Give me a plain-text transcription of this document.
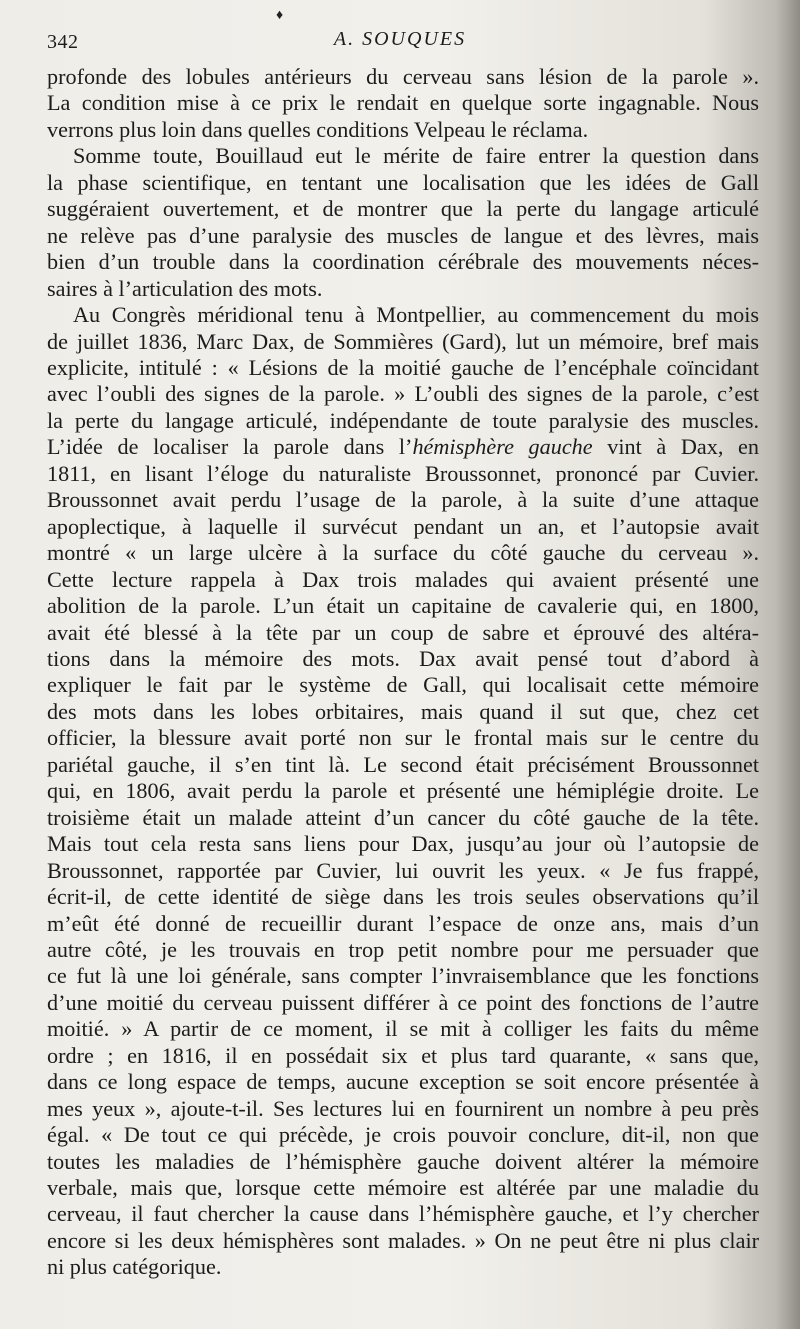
♦
342	A. SOUQUES
profonde des lobules antérieurs du cerveau sans lésion de la parole ».
La condition mise à ce prix le rendait en quelque sorte ingagnable. Nous
verrons plus loin dans quelles conditions Velpeau le réclama.
Somme toute, Bouillaud eut le mérite de faire entrer la question dans
la phase scientifique, en tentant une localisation que les idées de Gall
suggéraient ouvertement, et de montrer que la perte du langage articulé
ne relève pas d’une paralysie des muscles de langue et des lèvres, mais
bien d’un trouble dans la coordination cérébrale des mouvements néces-
saires à l’articulation des mots.
Au Congrès méridional tenu à Montpellier, au commencement du mois
de juillet 1836, Marc Dax, de Sommières (Gard), lut un mémoire, bref mais
explicite, intitulé : « Lésions de la moitié gauche de l’encéphale coïncidant
avec l’oubli des signes de la parole. » L’oubli des signes de la parole, c’est
la perte du langage articulé, indépendante de toute paralysie des muscles.
L’idée de localiser la parole dans l’hémisphère gauche vint à Dax, en
1811, en lisant l’éloge du naturaliste Broussonnet, prononcé par Cuvier.
Broussonnet avait perdu l’usage de la parole, à la suite d’une attaque
apoplectique, à laquelle il survécut pendant un an, et l’autopsie avait
montré « un large ulcère à la surface du côté gauche du cerveau ».
Cette lecture rappela à Dax trois malades qui avaient présenté une
abolition de la parole. L’un était un capitaine de cavalerie qui, en 1800,
avait été blessé à la tête par un coup de sabre et éprouvé des altéra-
tions dans la mémoire des mots. Dax avait pensé tout d’abord à
expliquer le fait par le système de Gall, qui localisait cette mémoire
des mots dans les lobes orbitaires, mais quand il sut que, chez cet
officier, la blessure avait porté non sur le frontal mais sur le centre du
pariétal gauche, il s’en tint là. Le second était précisément Broussonnet
qui, en 1806, avait perdu la parole et présenté une hémiplégie droite. Le
troisième était un malade atteint d’un cancer du côté gauche de la tête.
Mais tout cela resta sans liens pour Dax, jusqu’au jour où l’autopsie de
Broussonnet, rapportée par Cuvier, lui ouvrit les yeux. « Je fus frappé,
écrit-il, de cette identité de siège dans les trois seules observations qu’il
m’eût été donné de recueillir durant l’espace de onze ans, mais d’un
autre côté, je les trouvais en trop petit nombre pour me persuader que
ce fut là une loi générale, sans compter l’invraisemblance que les fonctions
d’une moitié du cerveau puissent différer à ce point des fonctions de l’autre
moitié. » A partir de ce moment, il se mit à colliger les faits du même
ordre ; en 1816, il en possédait six et plus tard quarante, « sans que,
dans ce long espace de temps, aucune exception se soit encore présentée à
mes yeux », ajoute-t-il. Ses lectures lui en fournirent un nombre à peu près
égal. « De tout ce qui précède, je crois pouvoir conclure, dit-il, non que
toutes les maladies de l’hémisphère gauche doivent altérer la mémoire
verbale, mais que, lorsque cette mémoire est altérée par une maladie du
cerveau, il faut chercher la cause dans l’hémisphère gauche, et l’y chercher
encore si les deux hémisphères sont malades. » On ne peut être ni plus clair
ni plus catégorique.
